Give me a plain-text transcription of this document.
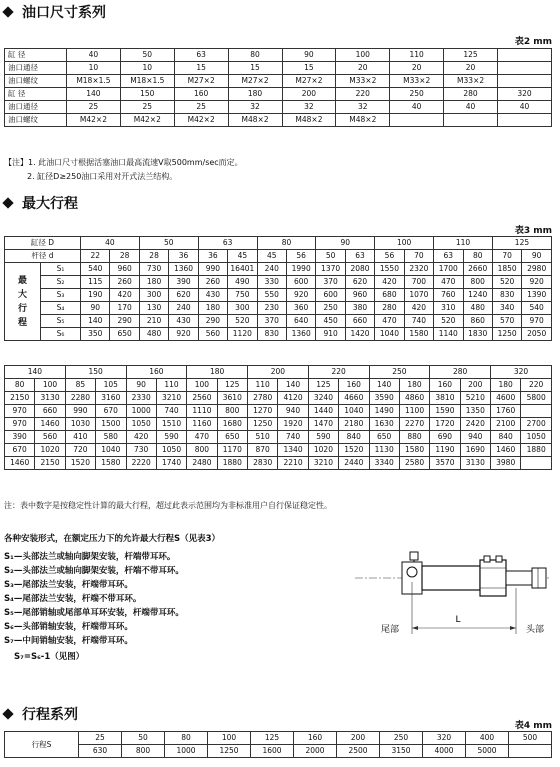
油口尺寸系列
表2 mm
缸 径	40	50	63	80	90	100	110	125	
油口通径	10	10	15	15	15	20	20	20	
油口螺纹	M18×1.5	M18×1.5	M27×2	M27×2	M27×2	M33×2	M33×2	M33×2	
缸 径	140	150	160	180	200	220	250	280	320
油口通径	25	25	25	32	32	32	40	40	40
油口螺纹	M42×2	M42×2	M42×2	M48×2	M48×2	M48×2			
【注】1. 此油口尺寸根据活塞油口最高流速V取500mm/sec而定。
2. 缸径D≥250油口采用对开式法兰结构。
最大行程
表3 mm
缸径 D		40		50		63		80		90		100		110		125	
杆径 d		22	28	28	36	36	45	45	56	50	63	56	70	63	80	70	90

最
大
行
程	S₁	540	960	730	1360	990	16401	240	1990	1370	2080	1550	2320	1700	2660	1850	2980
	S₂	115	260	180	390	260	490	330	600	370	620	420	700	470	800	520	920
	S₃	190	420	300	620	430	750	550	920	600	960	680	1070	760	1240	830	1390
	S₄	90	170	130	240	180	300	230	360	250	380	280	420	310	480	340	540
	S₅	140	290	210	430	290	520	370	640	450	660	470	740	520	860	570	970
	S₆	350	650	480	920	560	1120	830	1360	910	1420	1040	1580	1140	1830	1250	2050
140		150		160		180		200		220		250		280		320	
80	100	85	105	90	110	100	125	110	140	125	160	140	180	160	200	180	220
2150	3130	2280	3160	2330	3210	2560	3610	2780	4120	3240	4660	3590	4860	3810	5210	4600	5800
970	660	990	670	1000	740	1110	800	1270	940	1440	1040	1490	1100	1590	1350	1760	
970	1460	1030	1500	1050	1510	1160	1680	1250	1920	1470	2180	1630	2270	1720	2420	2100	2700
390	560	410	580	420	590	470	650	510	740	590	840	650	880	690	940	840	1050
670	1020	720	1040	730	1050	800	1170	870	1340	1020	1520	1130	1580	1190	1690	1460	1880
1460	2150	1520	1580	2220	1740	2480	1880	2830	2210	3210	2440	3340	2580	3570	3130	3980	
注：表中数字是按稳定性计算的最大行程，超过此表示范围均为非标准用户自行保证稳定性。
各种安装形式，在额定压力下的允许最大行程S（见表3）
S₁—头部法兰或轴向脚架安装，杆端带耳环。
S₂—头部法兰或轴向脚架安装，杆端不带耳环。
S₃—尾部法兰安装，杆端带耳环。
S₄—尾部法兰安装，杆端不带耳环。
S₅—尾部销轴或尾部单耳环安装，杆端带耳环。
S₆—头部销轴安装，杆端带耳环。
S₇—中间销轴安装，杆端带耳环。
S₇=S₆-1（见图）
L
尾部	头部
行程系列
表4 mm
行程S	25	50	80	100	125	160	200	250	320	400	500
	630	800	1000	1250	1600	2000	2500	3150	4000	5000	
